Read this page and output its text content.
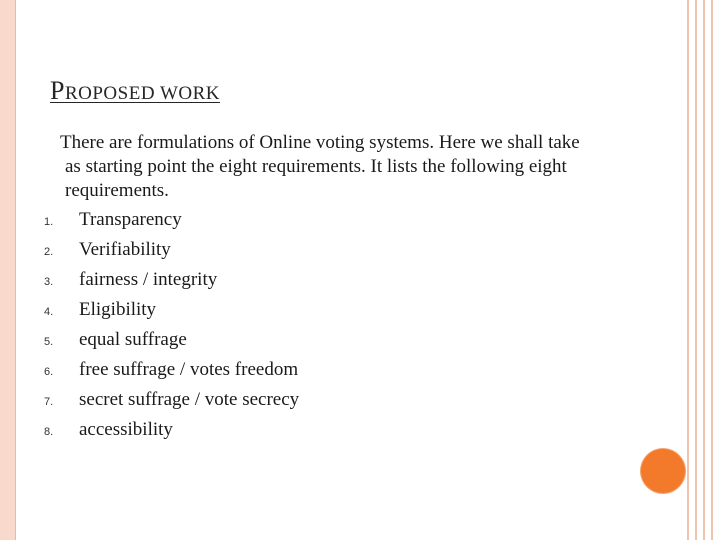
PROPOSED WORK
There are formulations of Online voting systems. Here we shall take
as starting point the eight requirements. It lists the following eight
requirements.
1. Transparency
2. Verifiability
3. fairness / integrity
4. Eligibility
5. equal suffrage
6. free suffrage / votes freedom
7. secret suffrage / vote secrecy
8. accessibility
